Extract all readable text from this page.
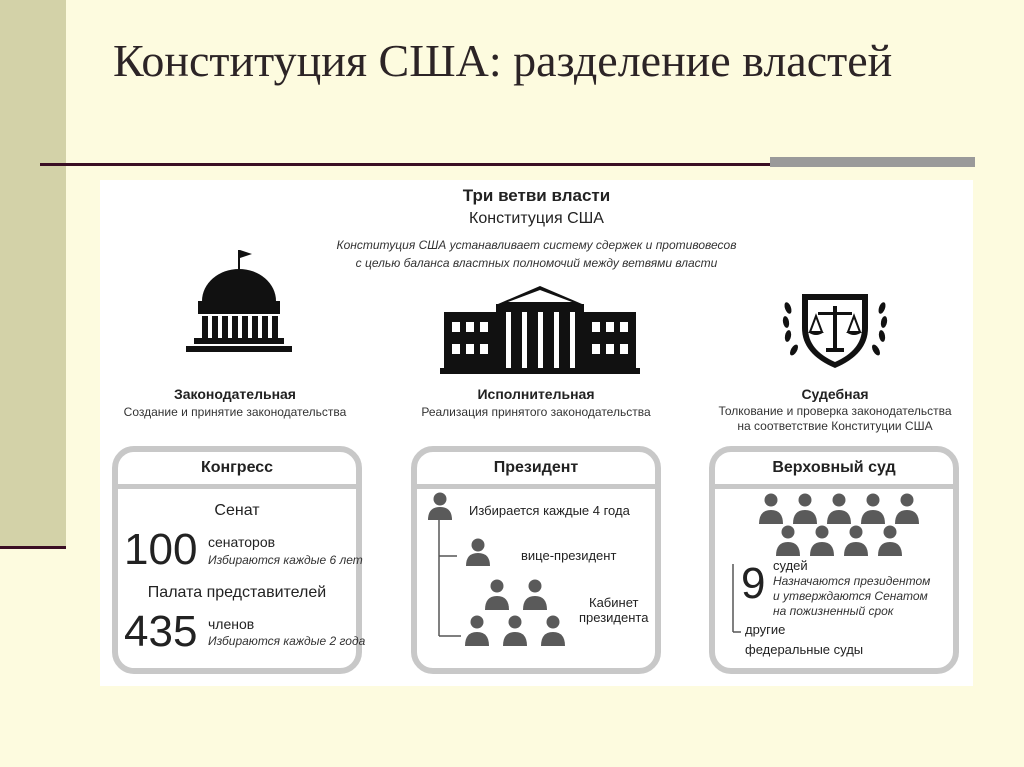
Конституция США: разделение властей
Три ветви власти
Конституция США
Конституция США устанавливает систему сдержек и противовесов
с целью баланса властных полномочий между ветвями власти
Законодательная
Создание и принятие законодательства
Исполнительная
Реализация принятого законодательства
Судебная
Толкование и проверка законодательства
на соответствие Конституции США
Конгресс
Сенат
100 сенаторов
Избираются каждые 6 лет
Палата представителей
435 членов
Избираются каждые 2 года
Президент
Избирается каждые 4 года
вице-президент
Кабинет
президента
Верховный суд
9 судей
Назначаются президентом
и утверждаются Сенатом
на пожизненный срок
другие
федеральные суды
